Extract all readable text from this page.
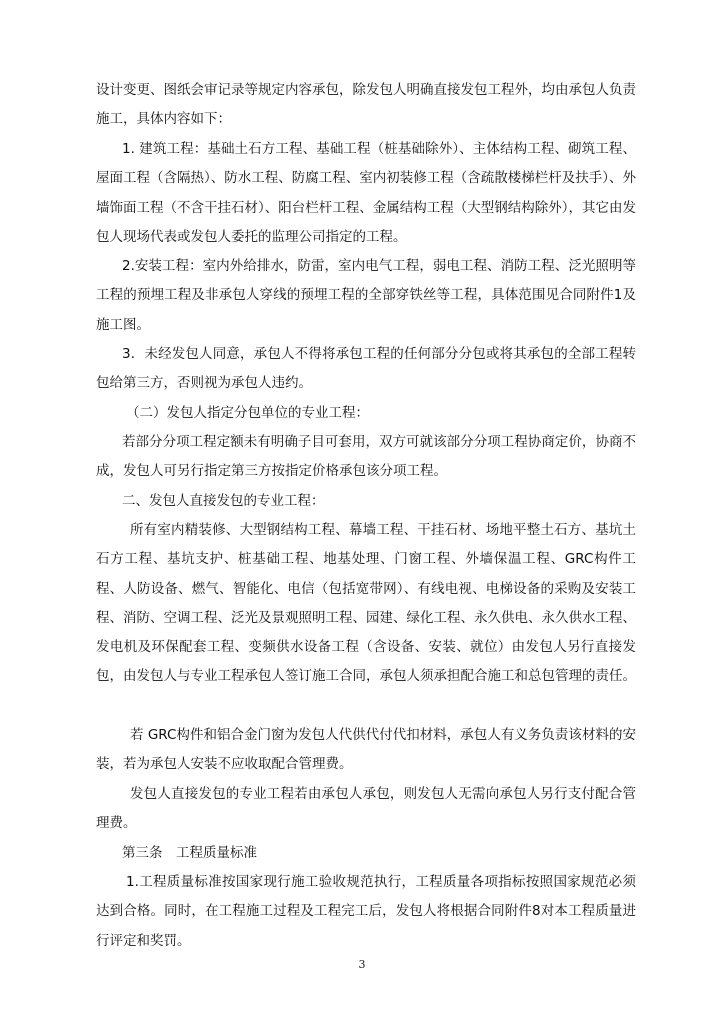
设计变更、图纸会审记录等规定内容承包，除发包人明确直接发包工程外，均由承包人负责施工，具体内容如下：

1. 建筑工程：基础土石方工程、基础工程（桩基础除外）、主体结构工程、砌筑工程、屋面工程（含隔热）、防水工程、防腐工程、室内初装修工程（含疏散楼梯栏杆及扶手）、外墙饰面工程（不含干挂石材）、阳台栏杆工程、金属结构工程（大型钢结构除外），其它由发包人现场代表或发包人委托的监理公司指定的工程。

2.安装工程：室内外给排水，防雷，室内电气工程，弱电工程、消防工程、泛光照明等工程的预埋工程及非承包人穿线的预埋工程的全部穿铁丝等工程，具体范围见合同附件1及施工图。

3．未经发包人同意，承包人不得将承包工程的任何部分分包或将其承包的全部工程转包给第三方，否则视为承包人违约。

（二）发包人指定分包单位的专业工程：

若部分分项工程定额未有明确子目可套用，双方可就该部分分项工程协商定价，协商不成，发包人可另行指定第三方按指定价格承包该分项工程。

二、发包人直接发包的专业工程：

所有室内精装修、大型钢结构工程、幕墙工程、干挂石材、场地平整土石方、基坑土石方工程、基坑支护、桩基础工程、地基处理、门窗工程、外墙保温工程、GRC构件工程、人防设备、燃气、智能化、电信（包括宽带网）、有线电视、电梯设备的采购及安装工程、消防、空调工程、泛光及景观照明工程、园建、绿化工程、永久供电、永久供水工程、发电机及环保配套工程、变频供水设备工程（含设备、安装、就位）由发包人另行直接发包，由发包人与专业工程承包人签订施工合同，承包人须承担配合施工和总包管理的责任。

若 GRC构件和铝合金门窗为发包人代供代付代扣材料，承包人有义务负责该材料的安装，若为承包人安装不应收取配合管理费。

发包人直接发包的专业工程若由承包人承包，则发包人无需向承包人另行支付配合管理费。

第三条　工程质量标准

1.工程质量标准按国家现行施工验收规范执行，工程质量各项指标按照国家规范必须达到合格。同时，在工程施工过程及工程完工后，发包人将根据合同附件8对本工程质量进行评定和奖罚。

3
